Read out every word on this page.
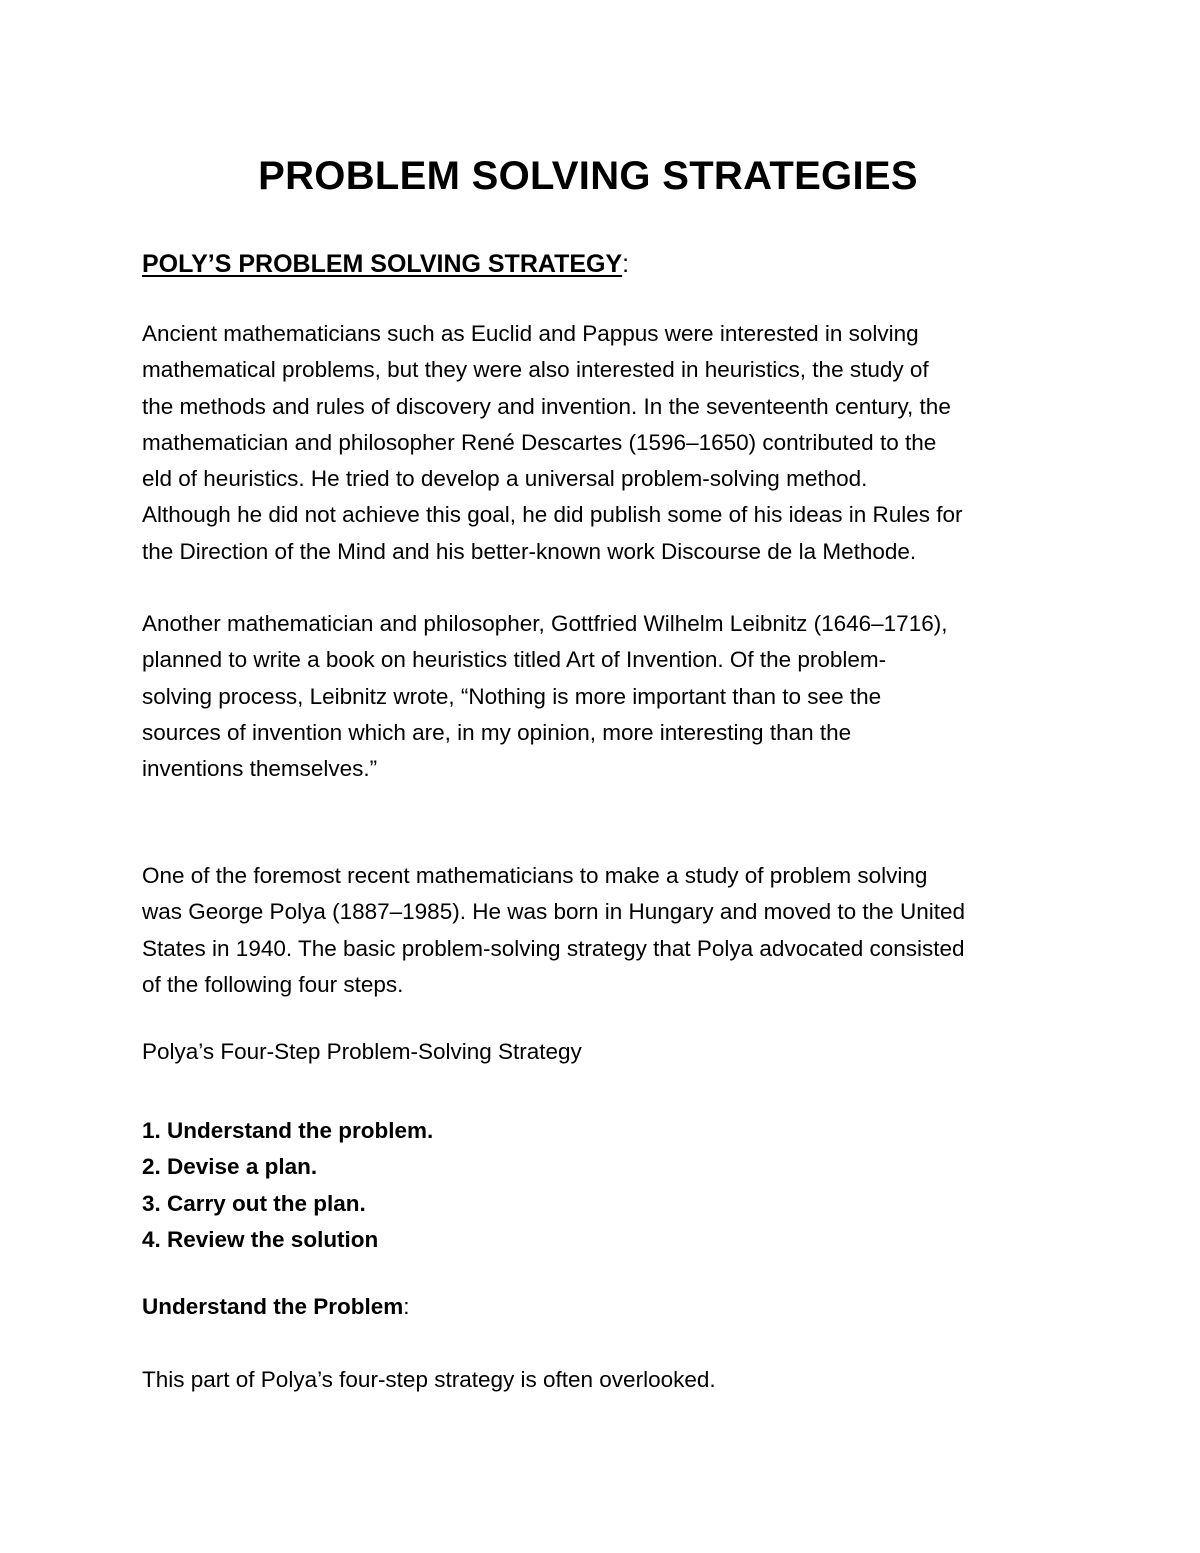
PROBLEM SOLVING STRATEGIES
POLY’S PROBLEM SOLVING STRATEGY:

Ancient mathematicians such as Euclid and Pappus were interested in solving
mathematical problems, but they were also interested in heuristics, the study of
the methods and rules of discovery and invention. In the seventeenth century, the
mathematician and philosopher René Descartes (1596–1650) contributed to the
eld of heuristics. He tried to develop a universal problem-solving method.
Although he did not achieve this goal, he did publish some of his ideas in Rules for
the Direction of the Mind and his better-known work Discourse de la Methode.

Another mathematician and philosopher, Gottfried Wilhelm Leibnitz (1646–1716),
planned to write a book on heuristics titled Art of Invention. Of the problem-
solving process, Leibnitz wrote, “Nothing is more important than to see the
sources of invention which are, in my opinion, more interesting than the
inventions themselves.”

One of the foremost recent mathematicians to make a study of problem solving
was George Polya (1887–1985). He was born in Hungary and moved to the United
States in 1940. The basic problem-solving strategy that Polya advocated consisted
of the following four steps.

Polya’s Four-Step Problem-Solving Strategy

1. Understand the problem.
2. Devise a plan.
3. Carry out the plan.
4. Review the solution

Understand the Problem:

This part of Polya’s four-step strategy is often overlooked.
